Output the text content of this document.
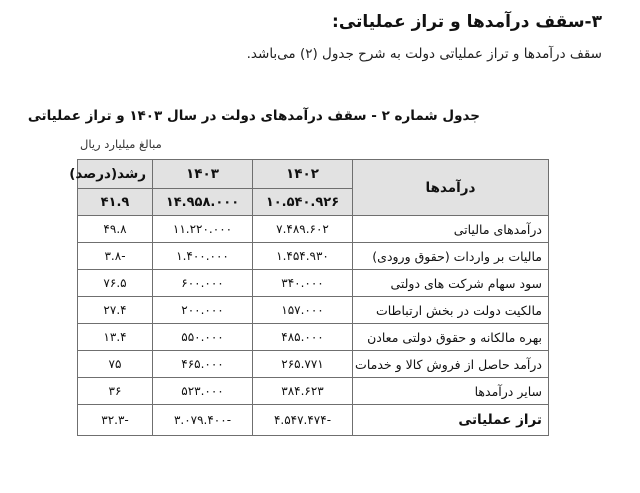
۳-سقف درآمدها و تراز عملیاتی:

سقف درآمدها و تراز عملیاتی دولت به شرح جدول (۲) می‌باشد.

جدول شماره ۲ - سقف درآمدهای دولت در سال ۱۴۰۳ و تراز عملیاتی

مبالغ میلیارد ریال

درآمدها	۱۴۰۲	۱۴۰۳	رشد(درصد)
	۱۰.۵۴۰.۹۲۶	۱۴.۹۵۸.۰۰۰	۴۱.۹
درآمدهای مالیاتی	۷.۴۸۹.۶۰۲	۱۱.۲۲۰.۰۰۰	۴۹.۸
مالیات بر واردات (حقوق ورودی)	۱.۴۵۴.۹۳۰	۱.۴۰۰.۰۰۰	-۳.۸
سود سهام شرکت های دولتی	۳۴۰.۰۰۰	۶۰۰.۰۰۰	۷۶.۵
مالکیت دولت در بخش ارتباطات	۱۵۷.۰۰۰	۲۰۰.۰۰۰	۲۷.۴
بهره مالکانه و حقوق دولتی معادن	۴۸۵.۰۰۰	۵۵۰.۰۰۰	۱۳.۴
درآمد حاصل از فروش کالا و خدمات	۲۶۵.۷۷۱	۴۶۵.۰۰۰	۷۵
سایر درآمدها	۳۸۴.۶۲۳	۵۲۳.۰۰۰	۳۶
تراز عملیاتی	-۴.۵۴۷.۴۷۴	-۳.۰۷۹.۴۰۰	-۳۲.۳
